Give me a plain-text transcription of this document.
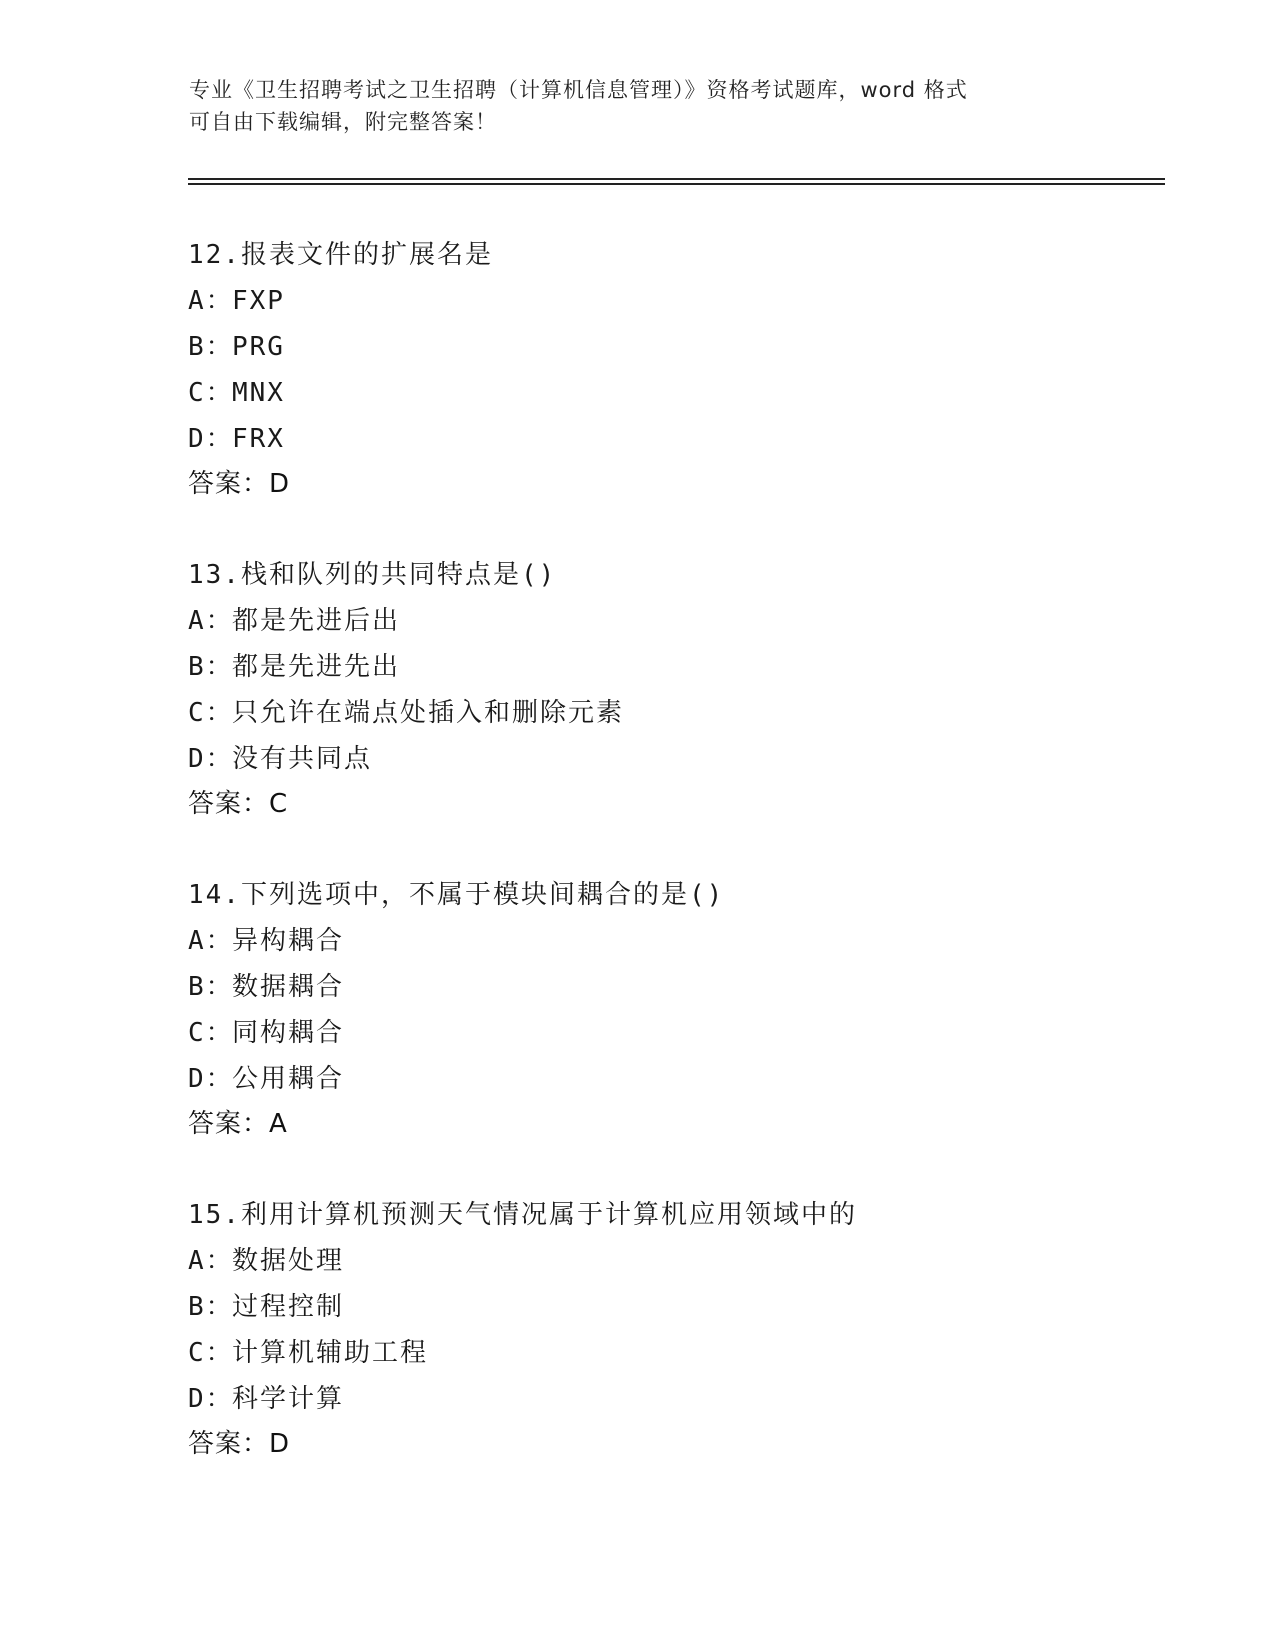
专业《卫生招聘考试之卫生招聘（计算机信息管理）》资格考试题库，word 格式
可自由下载编辑，附完整答案！
12.报表文件的扩展名是
A：FXP
B：PRG
C：MNX
D：FRX
答案：D
13.栈和队列的共同特点是()
A：都是先进后出
B：都是先进先出
C：只允许在端点处插入和删除元素
D：没有共同点
答案：C
14.下列选项中，不属于模块间耦合的是()
A：异构耦合
B：数据耦合
C：同构耦合
D：公用耦合
答案：A
15.利用计算机预测天气情况属于计算机应用领域中的
A：数据处理
B：过程控制
C：计算机辅助工程
D：科学计算
答案：D
